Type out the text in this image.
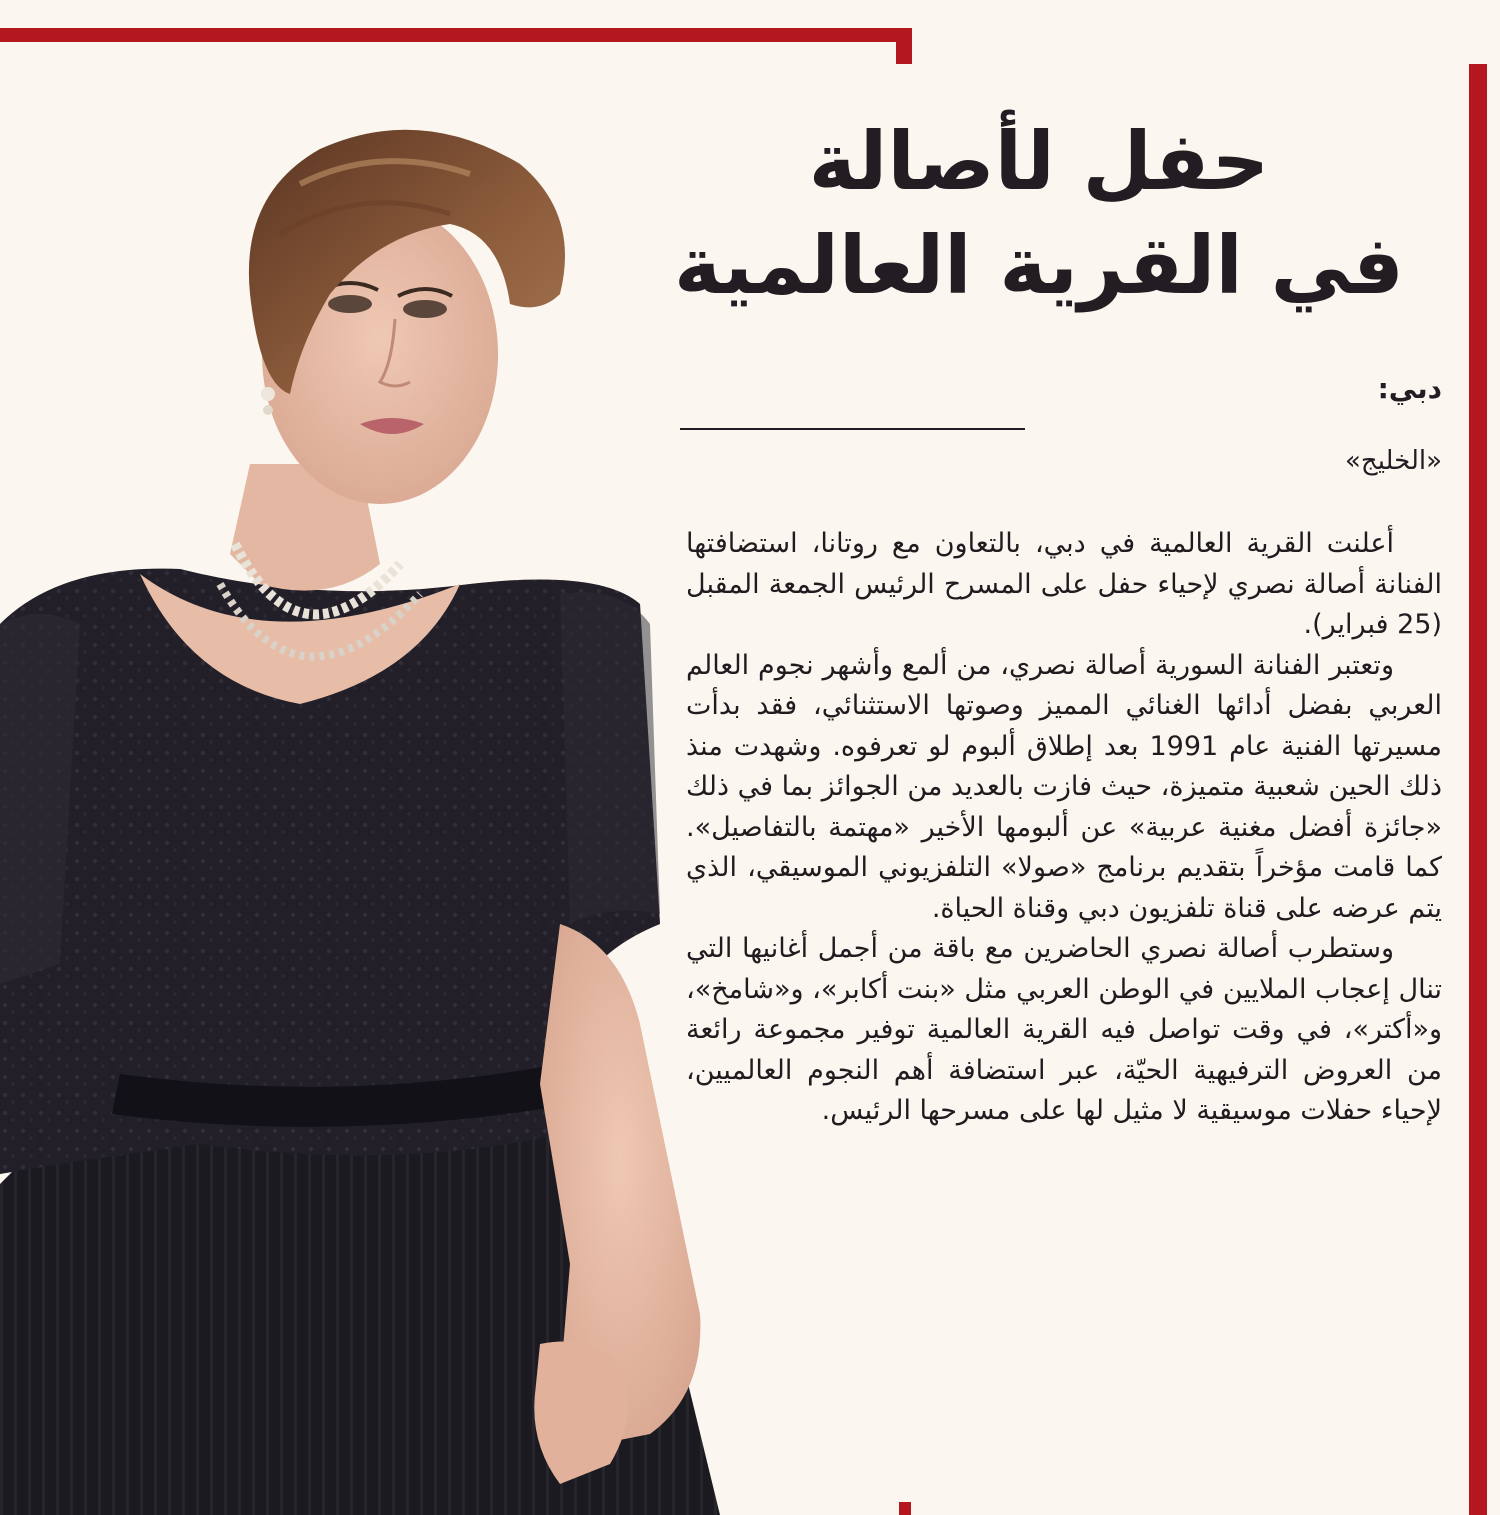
حفل لأصالة
في القرية العالمية
دبي:
«الخليج»

أعلنت القرية العالمية في دبي، بالتعاون مع روتانا، استضافتها الفنانة أصالة نصري لإحياء حفل على المسرح الرئيس الجمعة المقبل (25 فبراير).

وتعتبر الفنانة السورية أصالة نصري، من ألمع وأشهر نجوم العالم العربي بفضل أدائها الغنائي المميز وصوتها الاستثنائي، فقد بدأت مسيرتها الفنية عام 1991 بعد إطلاق ألبوم لو تعرفوه. وشهدت منذ ذلك الحين شعبية متميزة، حيث فازت بالعديد من الجوائز بما في ذلك «جائزة أفضل مغنية عربية» عن ألبومها الأخير «مهتمة بالتفاصيل». كما قامت مؤخراً بتقديم برنامج «صولا» التلفزيوني الموسيقي، الذي يتم عرضه على قناة تلفزيون دبي وقناة الحياة.

وستطرب أصالة نصري الحاضرين مع باقة من أجمل أغانيها التي تنال إعجاب الملايين في الوطن العربي مثل «بنت أكابر»، و«شامخ»، و«أكتر»، في وقت تواصل فيه القرية العالمية توفير مجموعة رائعة من العروض الترفيهية الحيّة، عبر استضافة أهم النجوم العالميين، لإحياء حفلات موسيقية لا مثيل لها على مسرحها الرئيس.
